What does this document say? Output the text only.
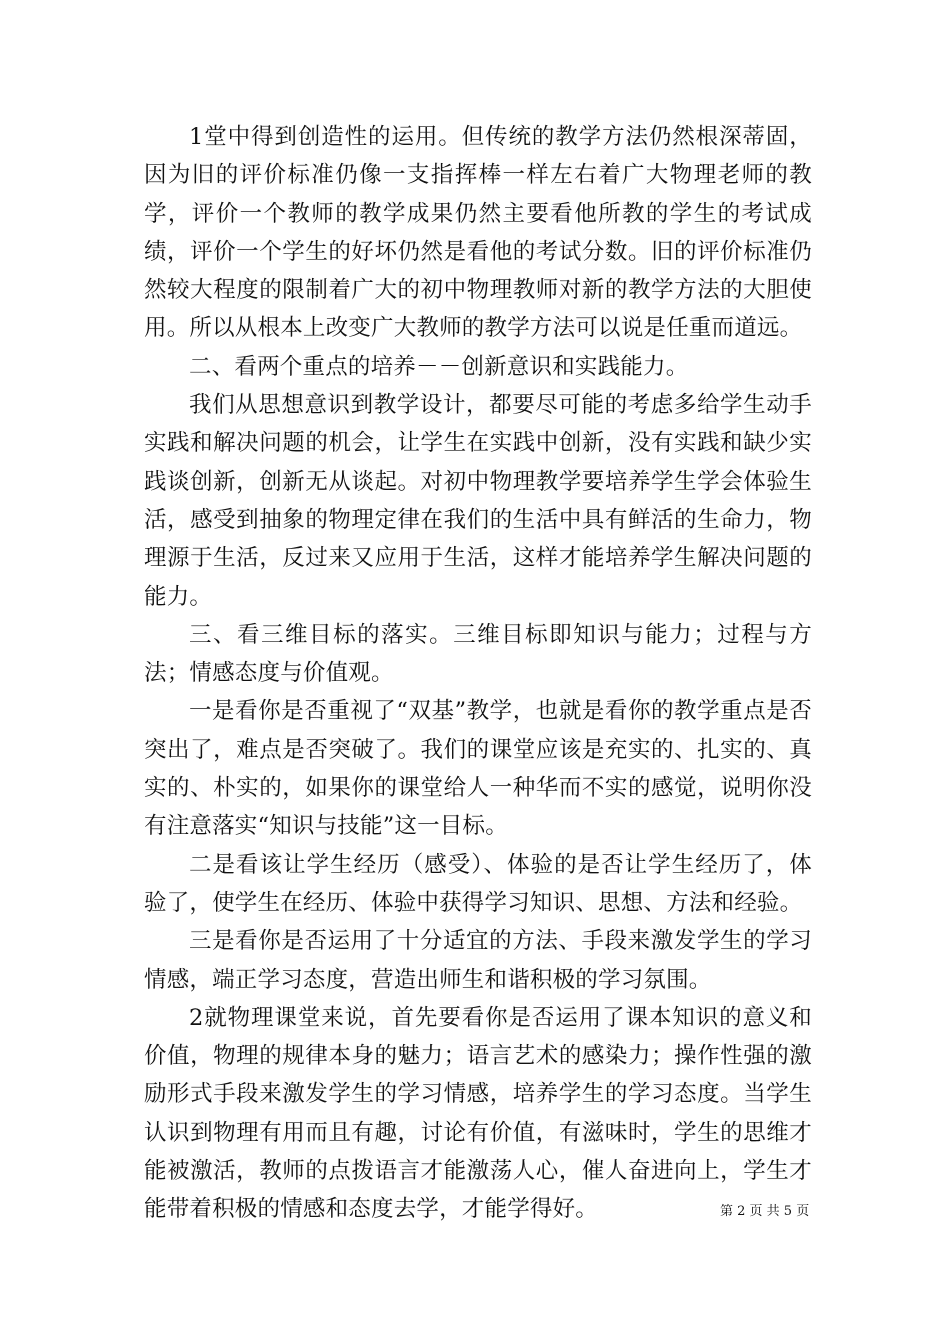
1堂中得到创造性的运用。但传统的教学方法仍然根深蒂固，因为旧的评价标准仍像一支指挥棒一样左右着广大物理老师的教学，评价一个教师的教学成果仍然主要看他所教的学生的考试成绩，评价一个学生的好坏仍然是看他的考试分数。旧的评价标准仍然较大程度的限制着广大的初中物理教师对新的教学方法的大胆使用。所以从根本上改变广大教师的教学方法可以说是任重而道远。

二、看两个重点的培养－－创新意识和实践能力。

我们从思想意识到教学设计，都要尽可能的考虑多给学生动手实践和解决问题的机会，让学生在实践中创新，没有实践和缺少实践谈创新，创新无从谈起。对初中物理教学要培养学生学会体验生活，感受到抽象的物理定律在我们的生活中具有鲜活的生命力，物理源于生活，反过来又应用于生活，这样才能培养学生解决问题的能力。

三、看三维目标的落实。三维目标即知识与能力；过程与方法；情感态度与价值观。

一是看你是否重视了“双基”教学，也就是看你的教学重点是否突出了，难点是否突破了。我们的课堂应该是充实的、扎实的、真实的、朴实的，如果你的课堂给人一种华而不实的感觉，说明你没有注意落实“知识与技能”这一目标。

二是看该让学生经历（感受）、体验的是否让学生经历了，体验了，使学生在经历、体验中获得学习知识、思想、方法和经验。

三是看你是否运用了十分适宜的方法、手段来激发学生的学习情感，端正学习态度，营造出师生和谐积极的学习氛围。

2就物理课堂来说，首先要看你是否运用了课本知识的意义和价值，物理的规律本身的魅力；语言艺术的感染力；操作性强的激励形式手段来激发学生的学习情感，培养学生的学习态度。当学生认识到物理有用而且有趣，讨论有价值，有滋味时，学生的思维才能被激活，教师的点拨语言才能激荡人心，催人奋进向上，学生才能带着积极的情感和态度去学，才能学得好。	第 2 页 共 5 页
